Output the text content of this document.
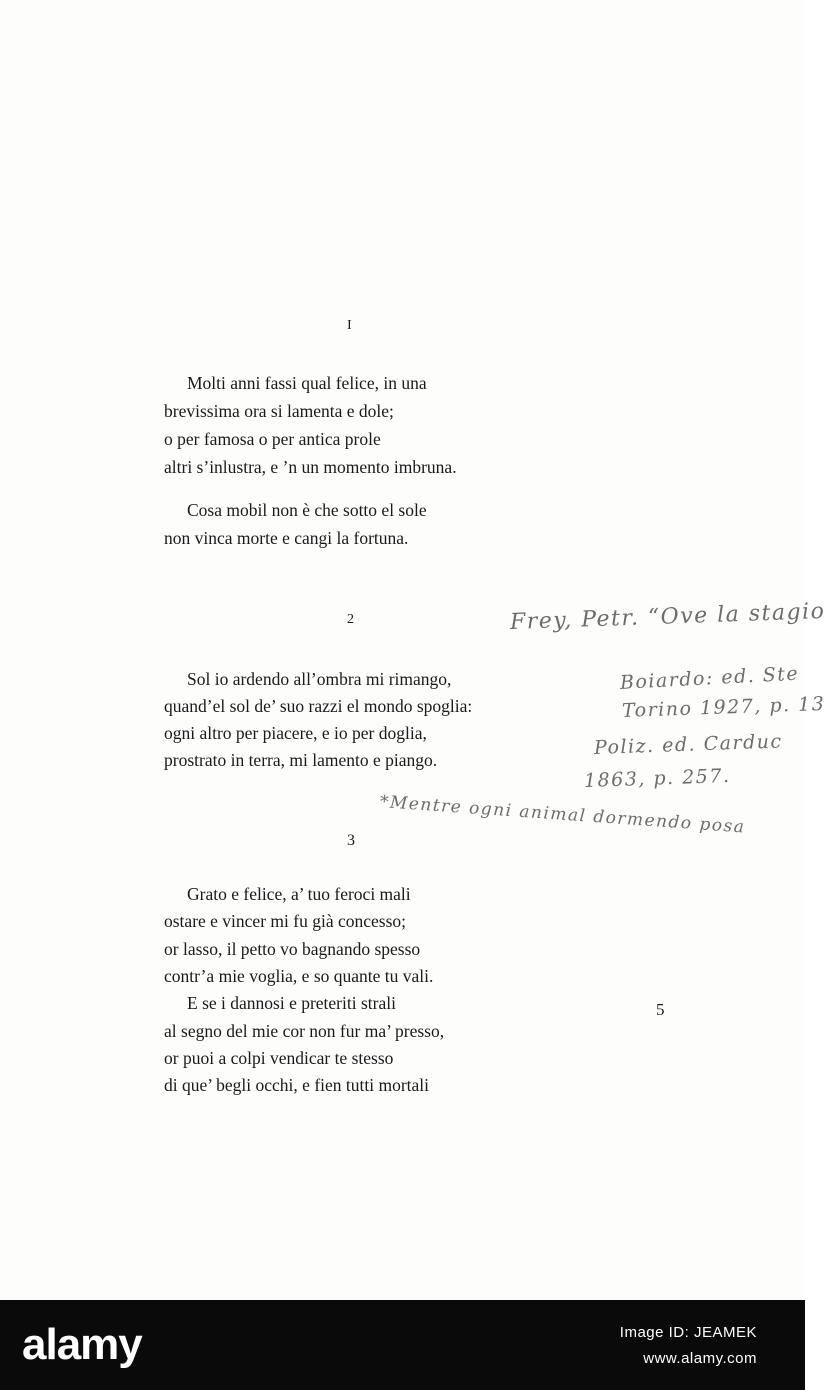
I
Molti anni fassi qual felice, in una
brevissima ora si lamenta e dole;
o per famosa o per antica prole
altri s’inlustra, e ’n un momento imbruna.
Cosa mobil non è che sotto el sole
non vinca morte e cangi la fortuna.
2
Sol io ardendo all’ombra mi rimango,
quand’el sol de’ suo razzi el mondo spoglia:
ogni altro per piacere, e io per doglia,
prostrato in terra, mi lamento e piango.
3
Grato e felice, a’ tuo feroci mali
ostare e vincer mi fu già concesso;
or lasso, il petto vo bagnando spesso
contr’a mie voglia, e so quante tu vali.
E se i dannosi e preteriti strali
al segno del mie cor non fur ma’ presso,
or puoi a colpi vendicar te stesso
di que’ begli occhi, e fien tutti mortali
5
Frey, Petr. “Ove la stagio
Boiardo: ed. Ste
Torino 1927, p. 13
Poliz. ed. Carduc
1863, p. 257.
*Mentre ogni animal dormendo posa
alamy	Image ID: JEAMEK
www.alamy.com
